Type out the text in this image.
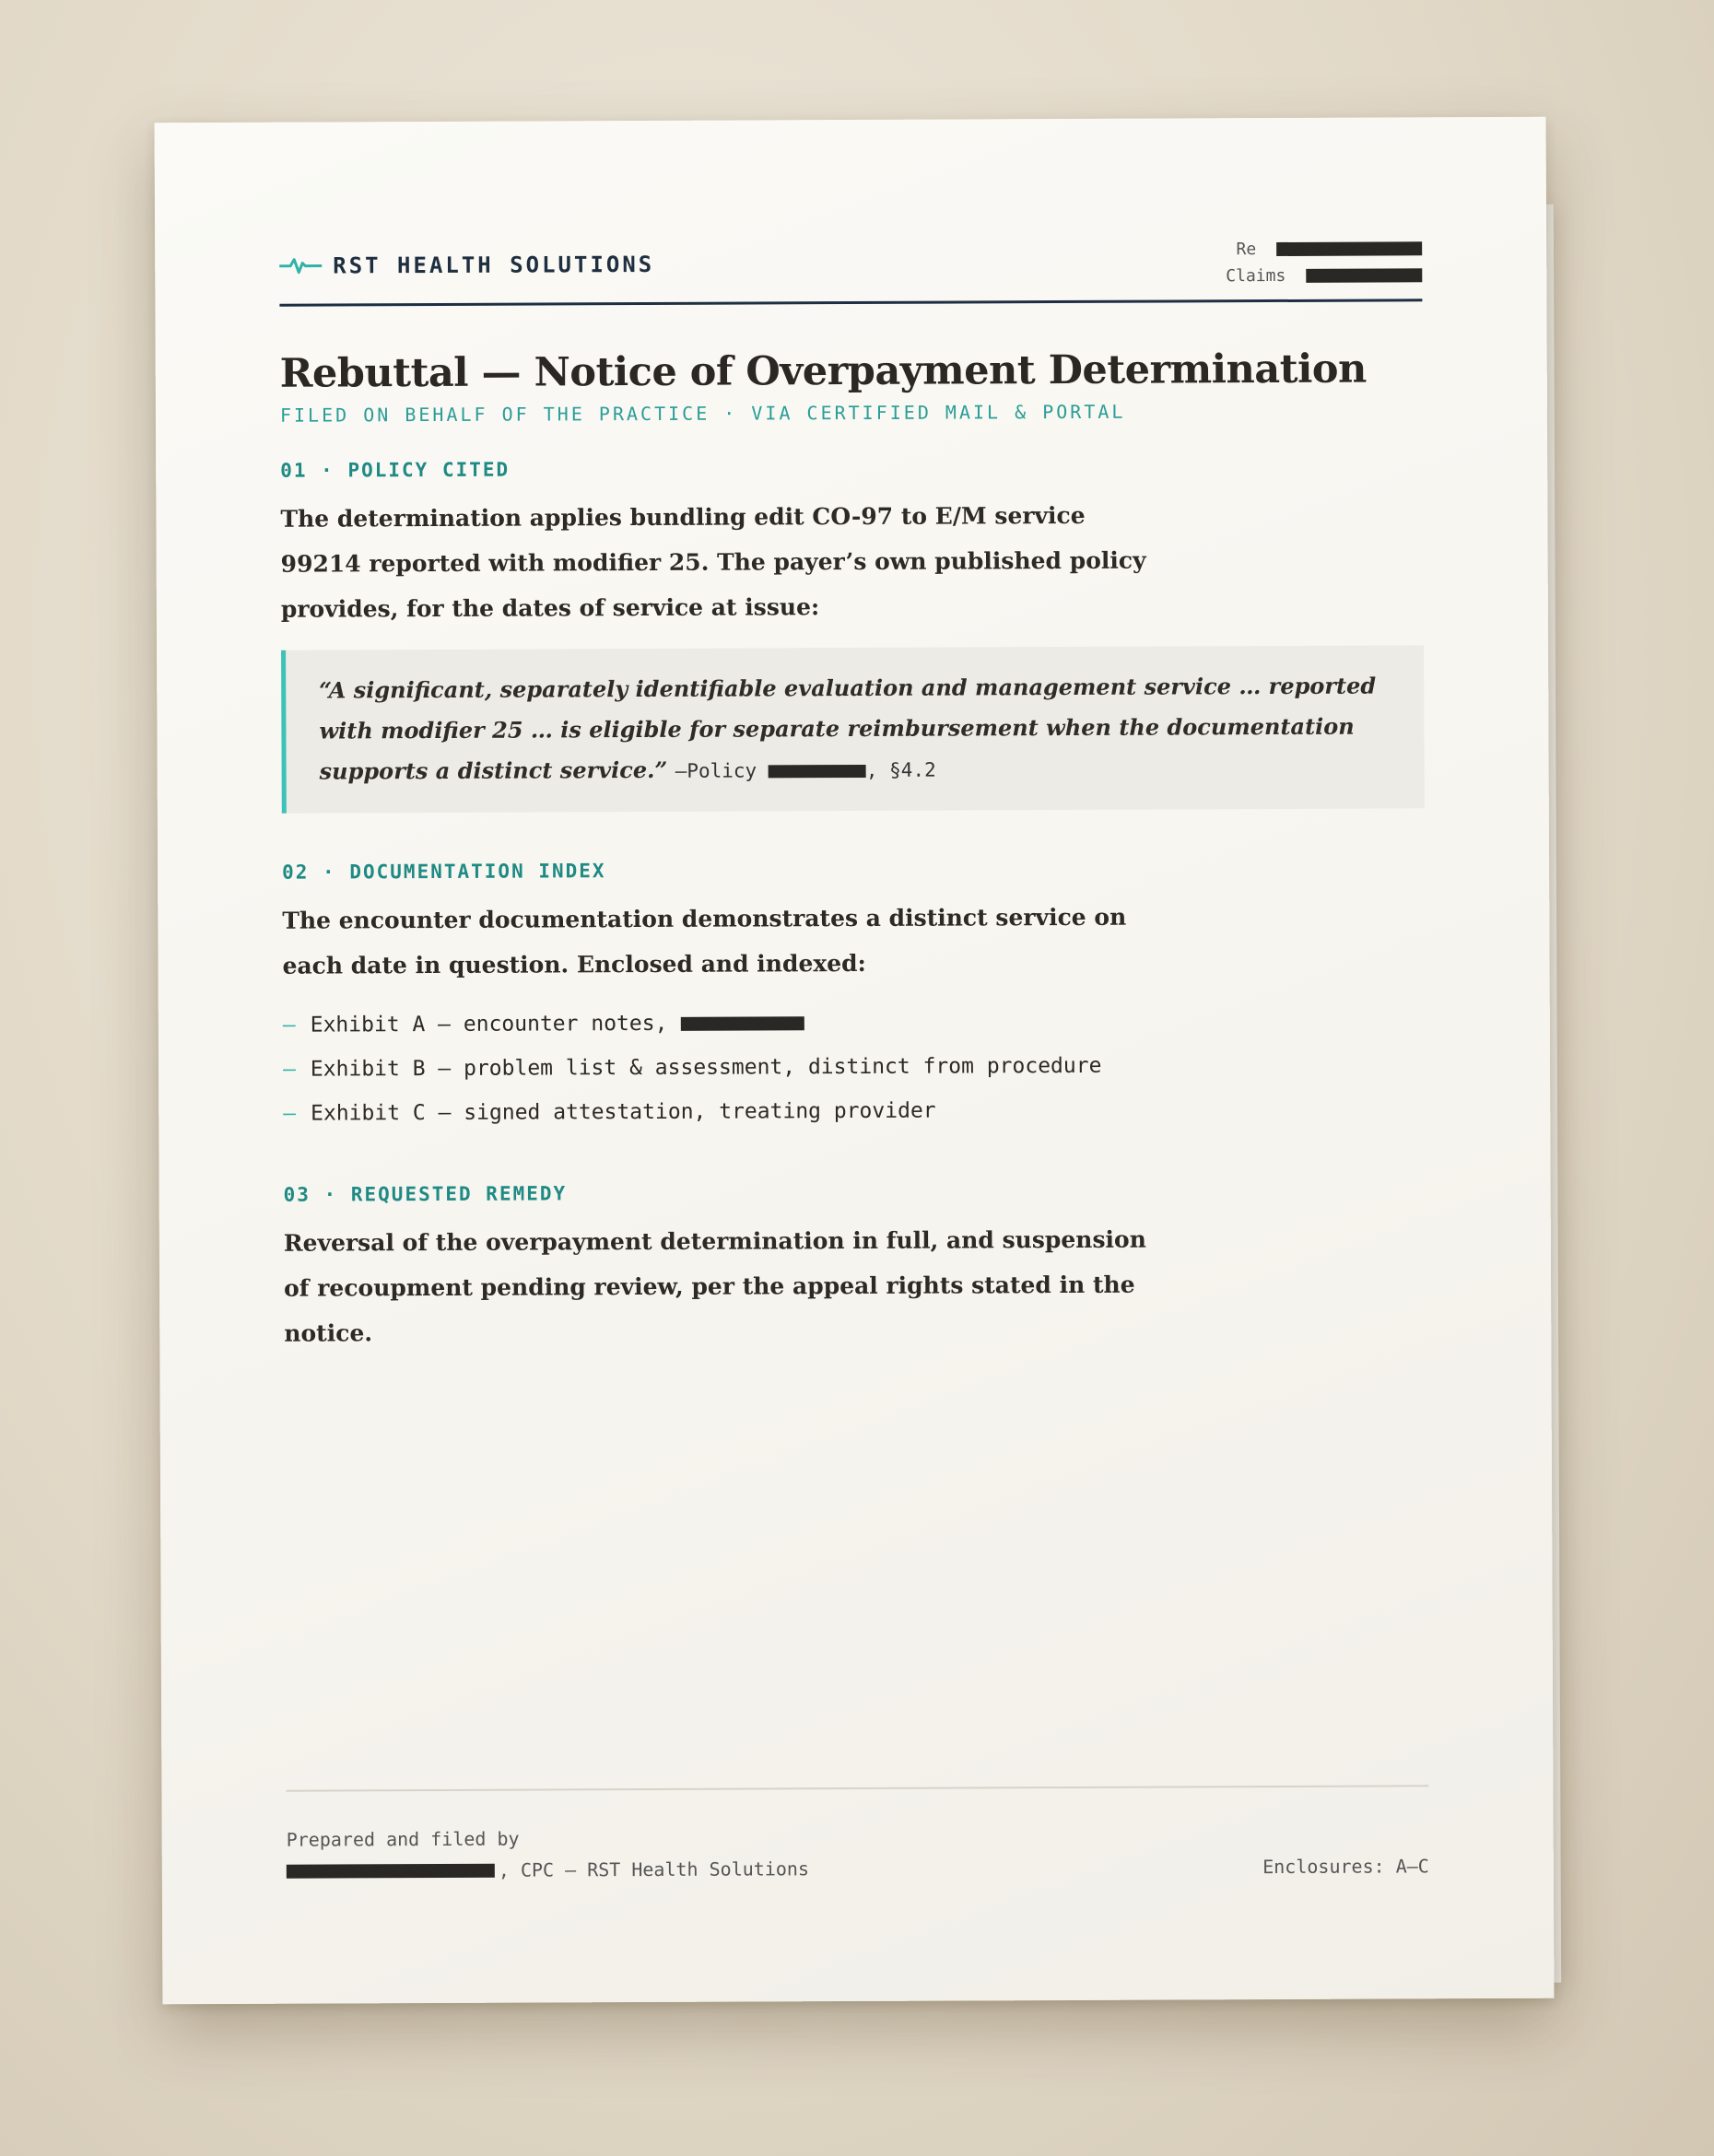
RST HEALTH SOLUTIONS
Re
Claims
Rebuttal — Notice of Overpayment Determination
FILED ON BEHALF OF THE PRACTICE · VIA CERTIFIED MAIL & PORTAL
01 · POLICY CITED
The determination applies bundling edit CO-97 to E/M service 99214 reported with modifier 25. The payer’s own published policy provides, for the dates of service at issue:
“A significant, separately identifiable evaluation and management service … reported with modifier 25 … is eligible for separate reimbursement when the documentation supports a distinct service.” —Policy	, §4.2
02 · DOCUMENTATION INDEX
The encounter documentation demonstrates a distinct service on each date in question. Enclosed and indexed:
– Exhibit A — encounter notes,
– Exhibit B — problem list & assessment, distinct from procedure
– Exhibit C — signed attestation, treating provider
03 · REQUESTED REMEDY
Reversal of the overpayment determination in full, and suspension of recoupment pending review, per the appeal rights stated in the notice.
Prepared and filed by
, CPC — RST Health Solutions	Enclosures: A–C
